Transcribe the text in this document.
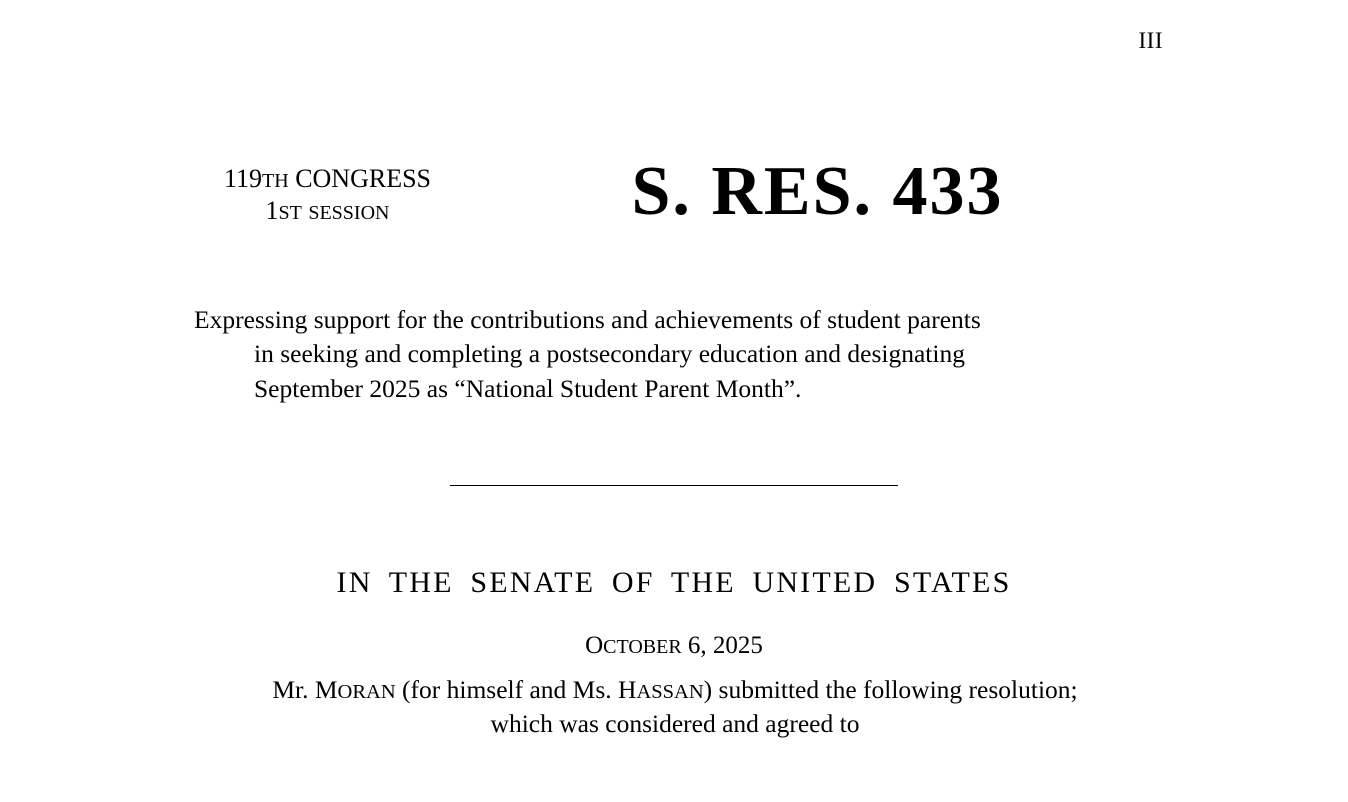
III
119TH CONGRESS
1ST SESSION	S. RES. 433
Expressing support for the contributions and achievements of student parents
in seeking and completing a postsecondary education and designating
September 2025 as “National Student Parent Month”.
IN THE SENATE OF THE UNITED STATES
OCTOBER 6, 2025
Mr. MORAN (for himself and Ms. HASSAN) submitted the following resolution;
which was considered and agreed to
